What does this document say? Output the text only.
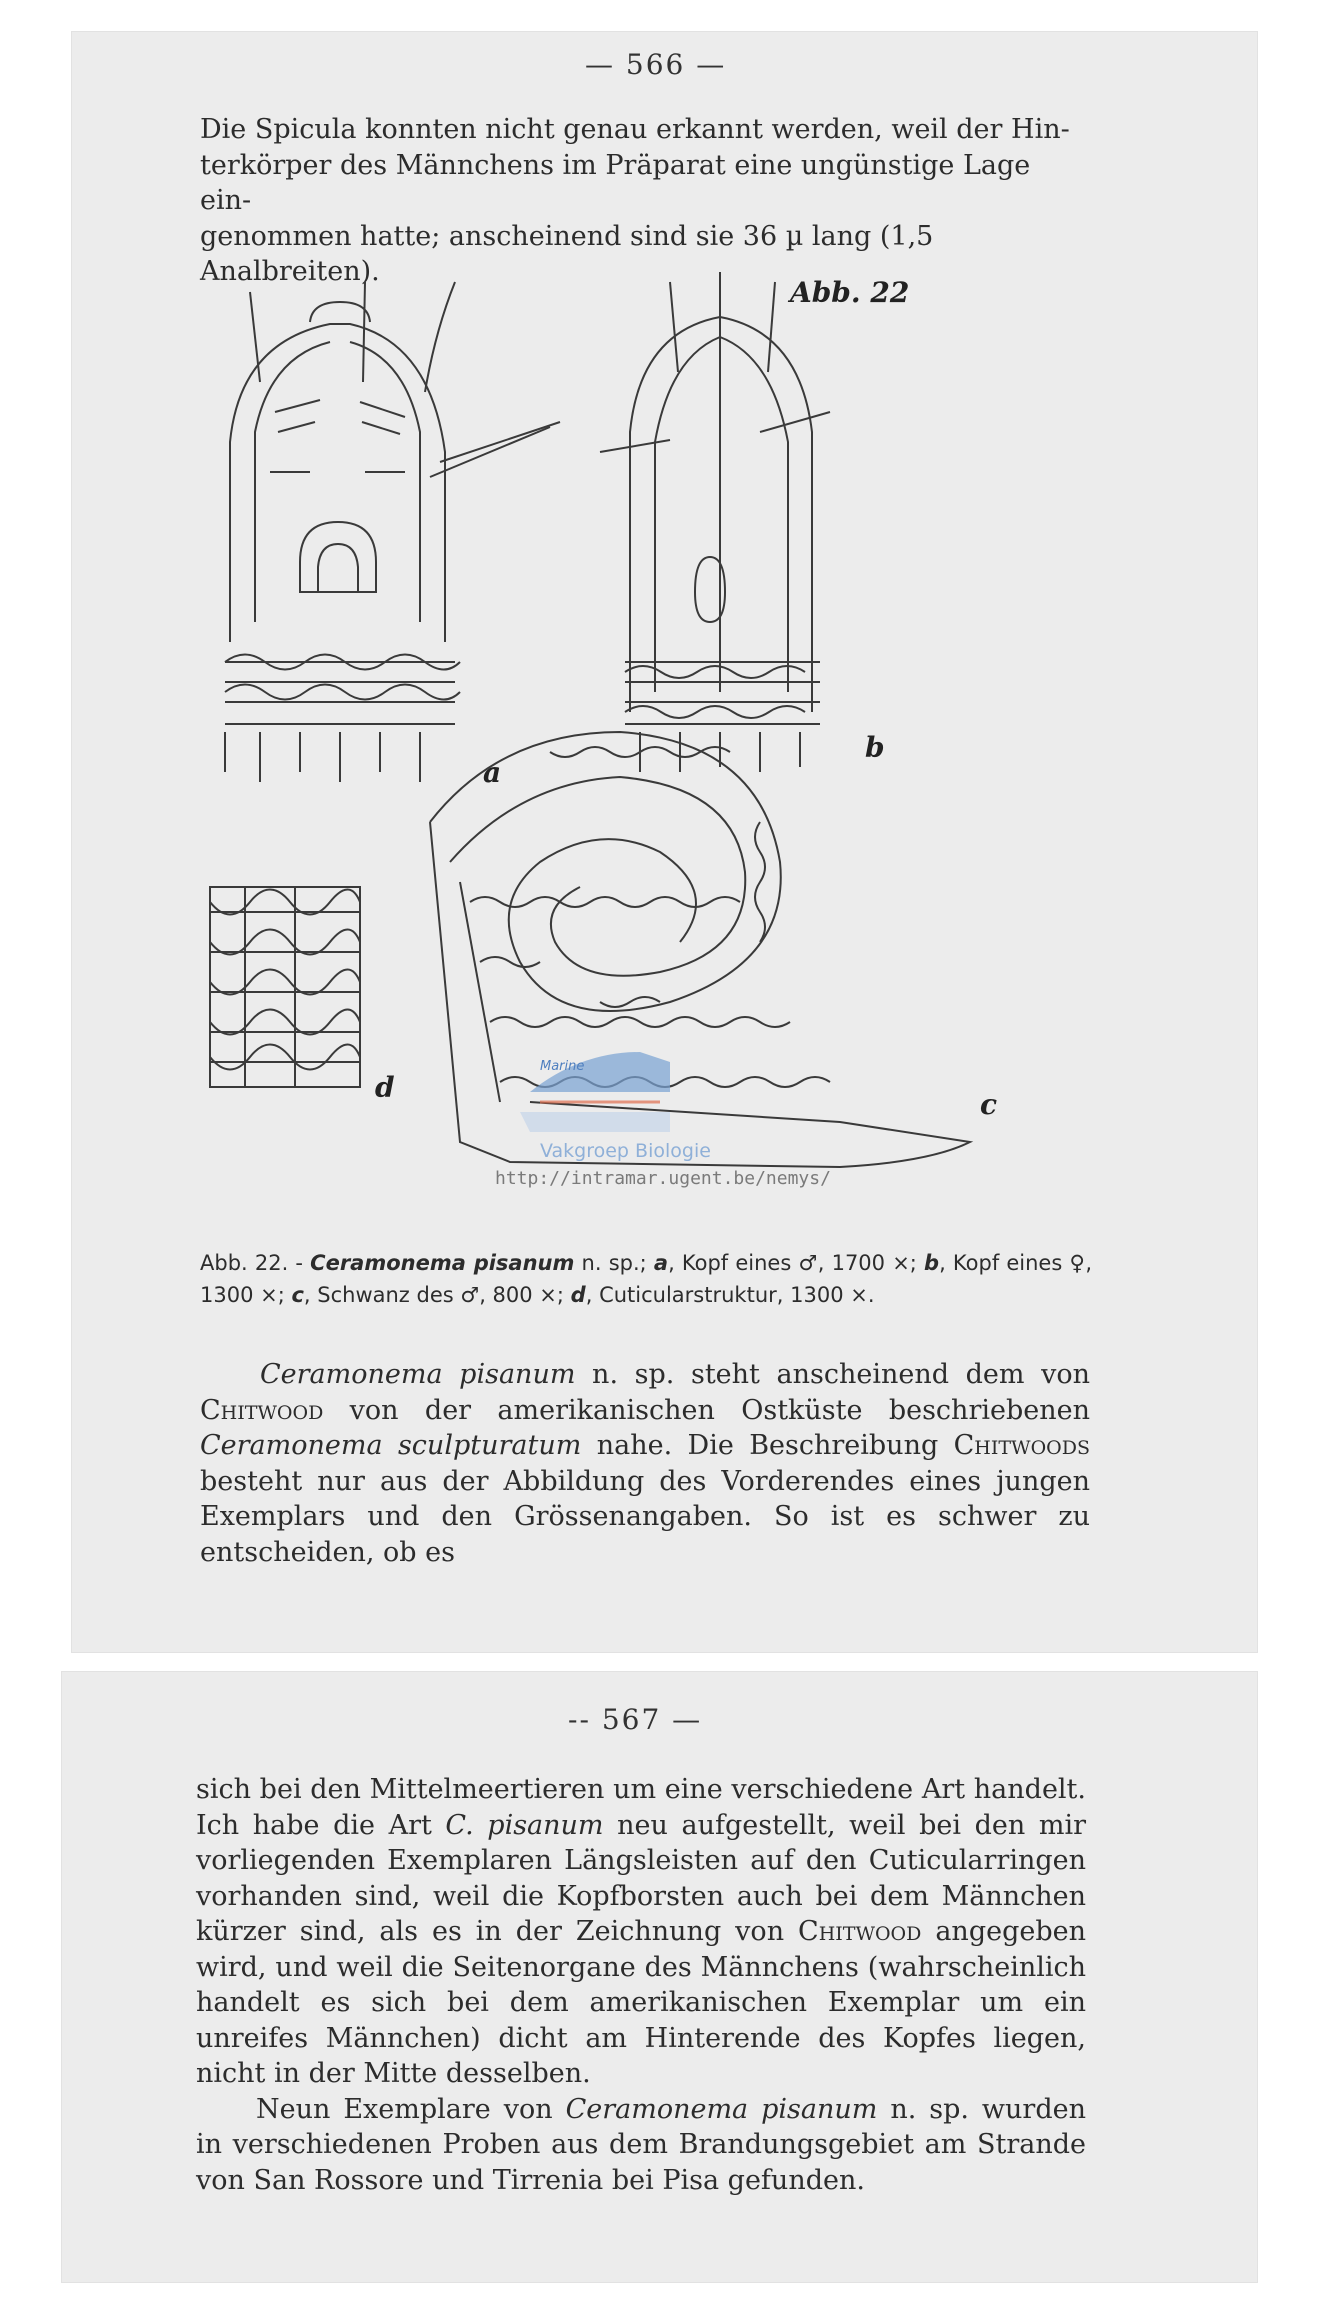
— 566 —
Die Spicula konnten nicht genau erkannt werden, weil der Hin-
terkörper des Männchens im Präparat eine ungünstige Lage ein-
genommen hatte; anscheinend sind sie 36 µ lang (1,5 Analbreiten).
Abb. 22
a
b
d
c
Marine
Vakgroep Biologie
http://intramar.ugent.be/nemys/
Abb. 22. - Ceramonema pisanum n. sp.; a, Kopf eines ♂, 1700 ×; b, Kopf eines ♀, 1300 ×; c, Schwanz des ♂, 800 ×; d, Cuticularstruktur, 1300 ×.

Ceramonema pisanum n. sp. steht anscheinend dem von Chitwood von der amerikanischen Ostküste beschriebenen Ceramonema sculpturatum nahe. Die Beschreibung Chitwoods besteht nur aus der Abbildung des Vorderendes eines jungen Exemplars und den Grössenangaben. So ist es schwer zu entscheiden, ob es

-- 567 —

sich bei den Mittelmeertieren um eine verschiedene Art handelt. Ich habe die Art C. pisanum neu aufgestellt, weil bei den mir vorliegenden Exemplaren Längsleisten auf den Cuticularringen vorhanden sind, weil die Kopfborsten auch bei dem Männchen kürzer sind, als es in der Zeichnung von Chitwood angegeben wird, und weil die Seitenorgane des Männchens (wahrscheinlich handelt es sich bei dem amerikanischen Exemplar um ein unreifes Männchen) dicht am Hinterende des Kopfes liegen, nicht in der Mitte desselben.

Neun Exemplare von Ceramonema pisanum n. sp. wurden in verschiedenen Proben aus dem Brandungsgebiet am Strande von San Rossore und Tirrenia bei Pisa gefunden.
